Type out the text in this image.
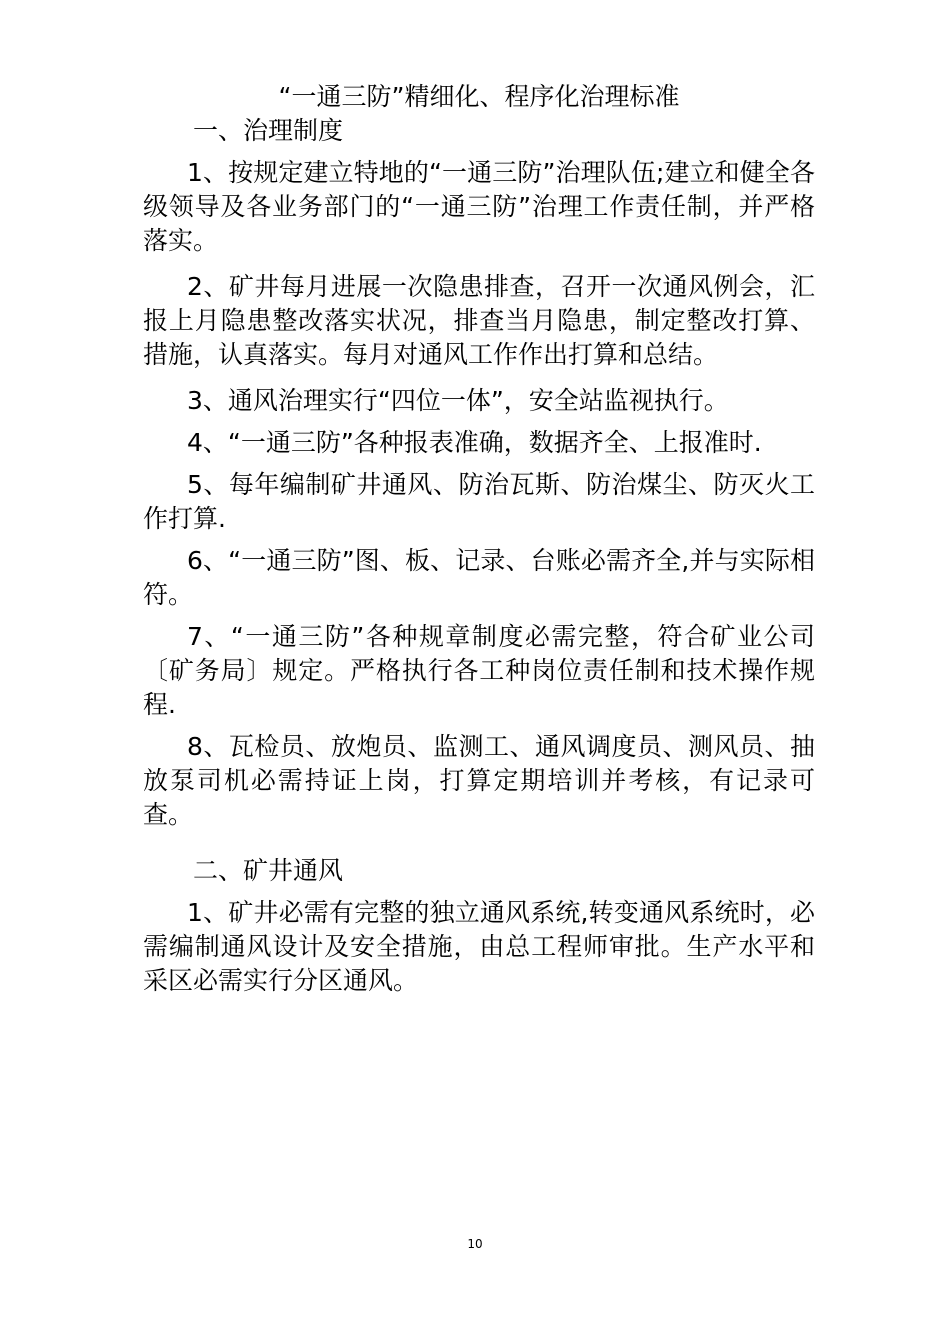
“一通三防”精细化、程序化治理标准
一、治理制度

1、按规定建立特地的“一通三防”治理队伍;建立和健全各级领导及各业务部门的“一通三防”治理工作责任制，并严格落实。

2、矿井每月进展一次隐患排查，召开一次通风例会，汇报上月隐患整改落实状况，排查当月隐患，制定整改打算、措施，认真落实。每月对通风工作作出打算和总结。

3、通风治理实行“四位一体”，安全站监视执行。

4、“一通三防”各种报表准确，数据齐全、上报准时.

5、每年编制矿井通风、防治瓦斯、防治煤尘、防灭火工作打算.

6、“一通三防”图、板、记录、台账必需齐全,并与实际相符。

7、“一通三防”各种规章制度必需完整，符合矿业公司〔矿务局〕规定。严格执行各工种岗位责任制和技术操作规程.

8、瓦检员、放炮员、监测工、通风调度员、测风员、抽放泵司机必需持证上岗，打算定期培训并考核，有记录可查。

二、矿井通风

1、矿井必需有完整的独立通风系统,转变通风系统时，必需编制通风设计及安全措施，由总工程师审批。生产水平和采区必需实行分区通风。

10
